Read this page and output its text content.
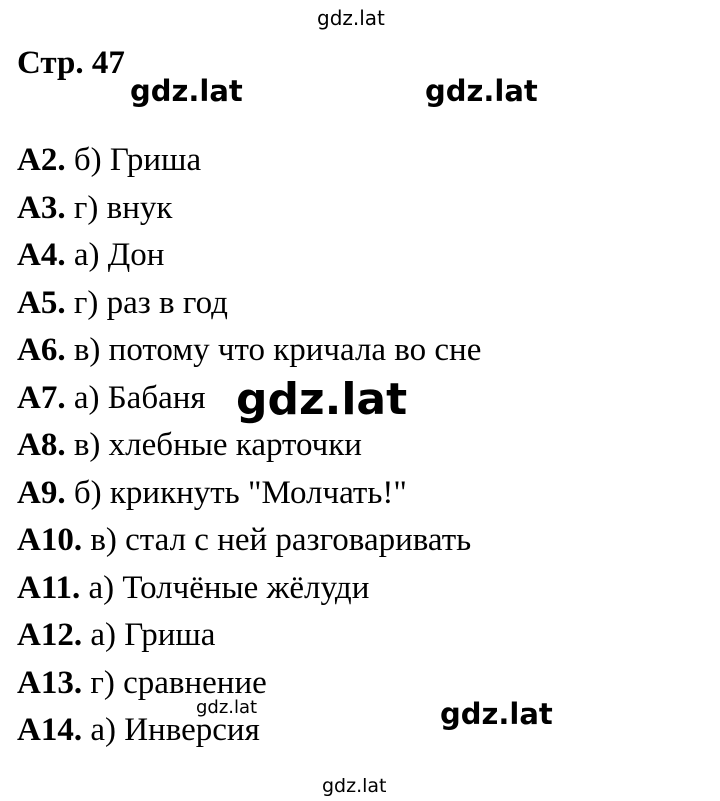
gdz.lat
Стр. 47
gdz.lat	gdz.lat
А2. б) Гриша
А3. г) внук
А4. а) Дон
А5. г) раз в год
А6. в) потому что кричала во сне
А7. а) Бабаня
А8. в) хлебные карточки
А9. б) крикнуть "Молчать!"
А10. в) стал с ней разговаривать
А11. а) Толчёные жёлуди
А12. а) Гриша
А13. г) сравнение
А14. а) Инверсия
gdz.lat
gdz.lat	gdz.lat
gdz.lat
